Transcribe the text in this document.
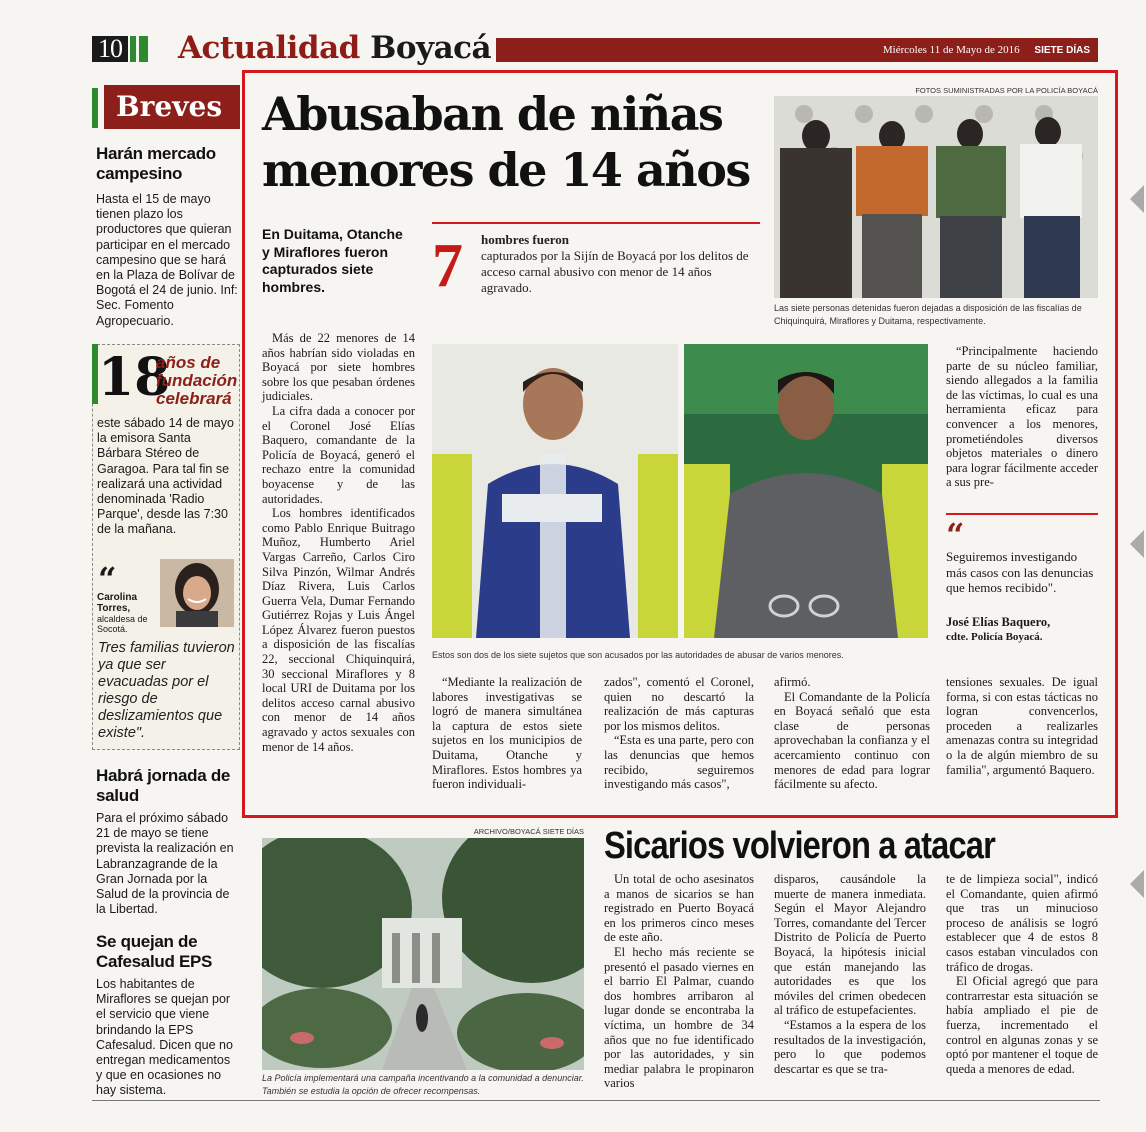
10 Actualidad Boyacá	Miércoles 11 de Mayo de 2016 SIETE DÍAS
Breves
Harán mercado campesino
Hasta el 15 de mayo tienen plazo los productores que quieran participar en el mercado campesino que se hará en la Plaza de Bolívar de Bogotá el 24 de junio. Inf: Sec. Fomento Agropecuario.
18
años de fundación celebrará
este sábado 14 de mayo la emisora Santa Bárbara Stéreo de Garagoa. Para tal fin se realizará una actividad denominada 'Radio Parque', desde las 7:30 de la mañana.
“
Carolina Torres,
alcaldesa de Socotá.
Tres familias tuvieron ya que ser evacuadas por el riesgo de deslizamientos que existe".
Habrá jornada de salud
Para el próximo sábado 21 de mayo se tiene prevista la realización en Labranzagrande de la Gran Jornada por la Salud de la provincia de la Libertad.
Se quejan de Cafesalud EPS
Los habitantes de Miraflores se quejan por el servicio que viene brindando la EPS Cafesalud. Dicen que no entregan medicamentos y que en ocasiones no hay sistema.
Abusaban de niñas menores de 14 años
FOTOS SUMINISTRADAS POR LA POLICÍA BOYACÁ
Las siete personas detenidas fueron dejadas a disposición de las fiscalías de Chiquinquirá, Miraflores y Duitama, respectivamente.
En Duitama, Otanche y Miraflores fueron capturados siete hombres.	7 hombres fueron
capturados por la Sijín de Boyacá por los delitos de acceso carnal abusivo con menor de 14 años agravado.

Más de 22 menores de 14 años habrían sido violadas en Boyacá por siete hombres sobre los que pesaban órdenes judiciales.

La cifra dada a conocer por el Coronel José Elías Baquero, comandante de la Policía de Boyacá, generó el rechazo entre la comunidad boyacense y de las autoridades.

Los hombres identificados como Pablo Enrique Buitrago Muñoz, Humberto Ariel Vargas Carreño, Carlos Ciro Silva Pinzón, Wilmar Andrés Díaz Rivera, Luis Carlos Guerra Vela, Dumar Fernando Gutiérrez Rojas y Luis Ángel López Álvarez fueron puestos a disposición de las fiscalías 22, seccional Chiquinquirá, 30 seccional Miraflores y 8 local URI de Duitama por los delitos acceso carnal abusivo con menor de 14 años agravado y actos sexuales con menor de 14 años.

Estos son dos de los siete sujetos que son acusados por las autoridades de abusar de varios menores.

“Mediante la realización de labores investigativas se logró de manera simultánea la captura de estos siete sujetos en los municipios de Duitama, Otanche y Miraflores. Estos hombres ya fueron individuali-

zados", comentó el Coronel, quien no descartó la realización de más capturas por los mismos delitos.

“Esta es una parte, pero con las denuncias que hemos recibido, seguiremos investigando más casos",

afirmó.

El Comandante de la Policía en Boyacá señaló que esta clase de personas aprovechaban la confianza y el acercamiento continuo con menores de edad para lograr fácilmente su afecto.

“Principalmente haciendo parte de su núcleo familiar, siendo allegados a la familia de las víctimas, lo cual es una herramienta eficaz para convencer a los menores, prometiéndoles diversos objetos materiales o dinero para lograr fácilmente acceder a sus pre-

“
Seguiremos investigando más casos con las denuncias que hemos recibido".
José Elías Baquero,
cdte. Policía Boyacá.

tensiones sexuales. De igual forma, si con estas tácticas no logran convencerlos, proceden a realizarles amenazas contra su integridad o la de algún miembro de su familia", argumentó Baquero.

ARCHIVO/BOYACÁ SIETE DÍAS
La Policía implementará una campaña incentivando a la comunidad a denunciar. También se estudia la opción de ofrecer recompensas.
Sicarios volvieron a atacar

Un total de ocho asesinatos a manos de sicarios se han registrado en Puerto Boyacá en los primeros cinco meses de este año.

El hecho más reciente se presentó el pasado viernes en el barrio El Palmar, cuando dos hombres arribaron al lugar donde se encontraba la víctima, un hombre de 34 años que no fue identificado por las autoridades, y sin mediar palabra le propinaron varios

disparos, causándole la muerte de manera inmediata. Según el Mayor Alejandro Torres, comandante del Tercer Distrito de Policía de Puerto Boyacá, la hipótesis inicial que están manejando las autoridades es que los móviles del crimen obedecen al tráfico de estupefacientes.

“Estamos a la espera de los resultados de la investigación, pero lo que podemos descartar es que se tra-

te de limpieza social", indicó el Comandante, quien afirmó que tras un minucioso proceso de análisis se logró establecer que 4 de estos 8 casos estaban vinculados con tráfico de drogas.

El Oficial agregó que para contrarrestar esta situación se había ampliado el pie de fuerza, incrementado el control en algunas zonas y se optó por mantener el toque de queda a menores de edad.
